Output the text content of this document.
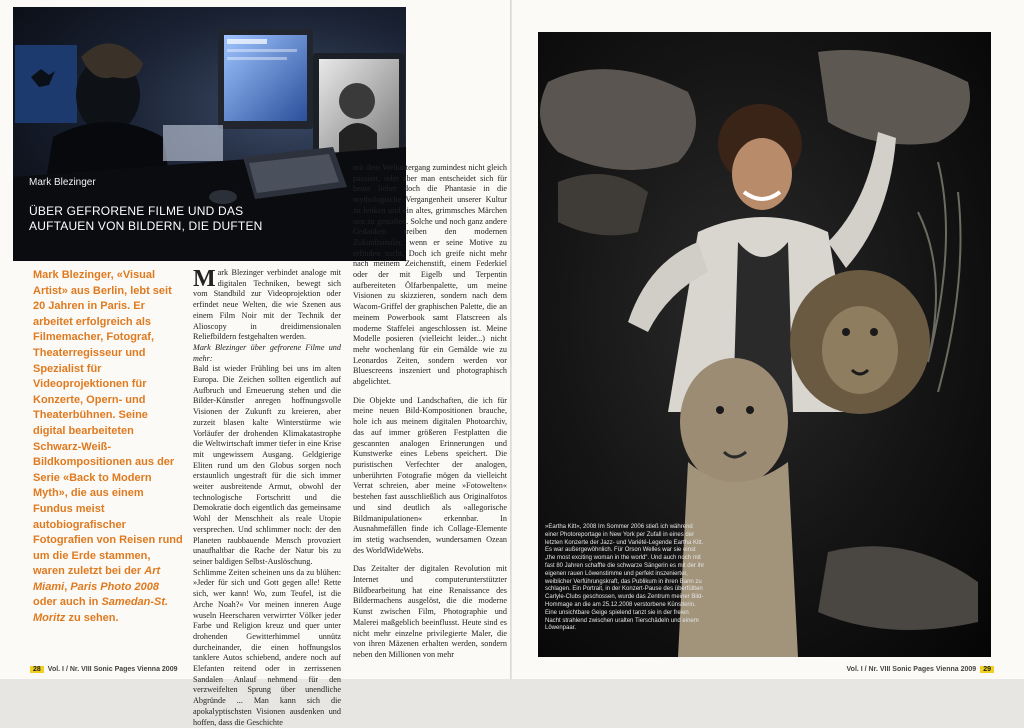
Mark Blezinger
ÜBER GEFRORENE FILME UND DAS AUFTAUEN VON BILDERN, DIE DUFTEN
Mark Blezinger, «Visual Artist» aus Berlin, lebt seit 20 Jahren in Paris. Er arbeitet erfolgreich als Filmemacher, Fotograf, Theaterregisseur und Spezialist für Videoprojektionen für Konzerte, Opern- und Theaterbühnen. Seine digital bearbeiteten Schwarz-Weiß-Bildkompositionen aus der Serie «Back to Modern Myth», die aus einem Fundus meist autobiografischer Fotografien von Reisen rund um die Erde stammen, waren zuletzt bei der Art Miami, Paris Photo 2008 oder auch in Samedan-St. Moritz zu sehen.

Mark Blezinger verbindet analoge mit digitalen Techniken, bewegt sich vom Standbild zur Videoprojektion oder erfindet neue Welten, die wie Szenen aus einem Film Noir mit der Technik der Alioscopy in dreidimensionalen Reliefbildern festgehalten werden.

Mark Blezinger über gefrorene Filme und mehr:

Bald ist wieder Frühling bei uns im alten Europa. Die Zeichen sollten eigentlich auf Aufbruch und Erneuerung stehen und die Bilder-Künstler anregen hoffnungsvolle Visionen der Zukunft zu kreieren, aber zurzeit blasen kalte Winterstürme wie Vorläufer der drohenden Klimakatastrophe die Weltwirtschaft immer tiefer in eine Krise mit ungewissem Ausgang. Geldgierige Eliten rund um den Globus sorgen noch erstaunlich ungestraft für die sich immer weiter ausbreitende Armut, obwohl der technologische Fortschritt und die Demokratie doch eigentlich das gemeinsame Wohl der Menschheit als reale Utopie versprechen. Und schlimmer noch: der den Planeten raubbauende Mensch provoziert unaufhaltbar die Rache der Natur bis zu seiner baldigen Selbst-Auslöschung.

Schlimme Zeiten scheinen uns da zu blühen: »Jeder für sich und Gott gegen alle! Rette sich, wer kann! Wo, zum Teufel, ist die Arche Noah?« Vor meinen inneren Auge wuseln Heerscharen verwirrter Völker jeder Farbe und Religion kreuz und quer unter drohenden Gewitterhimmel unnütz durcheinander, die einen hoffnungslos tanklere Autos schiebend, andere noch auf Elefanten reitend oder in zerrissenen Sandalen Anlauf nehmend für den verzweifelten Sprung über unendliche Abgründe ... Man kann sich die apokalyptischsten Visionen ausdenken und hoffen, dass die Geschichte

mit dem Weltuntergang zumindest nicht gleich passiert, oder aber man entscheidet sich für heute lieber doch die Phantasie in die mythologische Vergangenheit unserer Kultur zu lenken und ein altes, grimmsches Märchen neu zu gestalten. Solche und noch ganz andere Gedanken treiben den modernen Zukunftsmaler, wenn er seine Motive zu erfinden sucht. Doch ich greife nicht mehr nach meinem Zeichenstift, einem Federkiel oder der mit Eigelb und Terpentin aufbereiteten Ölfarbenpalette, um meine Visionen zu skizzieren, sondern nach dem Wacom-Griffel der graphischen Palette, die an meinem Powerbook samt Flatscreen als moderne Staffelei angeschlossen ist. Meine Modelle posieren (vielleicht leider...) nicht mehr wochenlang für ein Gemälde wie zu Leonardos Zeiten, sondern werden vor Bluescreens inszeniert und photographisch abgelichtet.

Die Objekte und Landschaften, die ich für meine neuen Bild-Kompositionen brauche, hole ich aus meinem digitalen Photoarchiv, das auf immer größeren Festplatten die gescannten analogen Erinnerungen und Kunstwerke eines Lebens speichert. Die puristischen Verfechter der analogen, unberührten Fotografie mögen da vielleicht Verrat schreien, aber meine »Fotowelten« bestehen fast ausschließlich aus Originalfotos und sind deutlich als »allegorische Bildmanipulationen« erkennbar. In Ausnahmefällen finde ich Collage-Elemente im stetig wachsenden, wundersamen Ozean des WorldWideWebs.

Das Zeitalter der digitalen Revolution mit Internet und computerunterstützter Bildbearbeitung hat eine Renaissance des Bildermachens ausgelöst, die die moderne Kunst zwischen Film, Photographie und Malerei maßgeblich beeinflusst. Heute sind es nicht mehr einzelne privilegierte Maler, die von ihren Mäzenen erhalten werden, sondern neben den Millionen von mehr

28 Vol. I / Nr. VIII Sonic Pages Vienna 2009
»Eartha Kitt«, 2008 Im Sommer 2006 stieß ich während einer Photoreportage in New York per Zufall in eines der letzten Konzerte der Jazz- und Variété-Legende Eartha Kitt. Es war außergewöhnlich. Für Orson Welles war sie einst „the most exciting woman in the world“. Und auch noch mit fast 80 Jahren schaffte die schwarze Sängerin es mit der ihr eigenen rauen Löwenstimme und perfekt inszenierter, weiblicher Verführungskraft, das Publikum in ihren Bann zu schlagen. Ein Portrait, in der Konzert-Pause des überfüllten Carlyle-Clubs geschossen, wurde das Zentrum meiner Bild-Hommage an die am 25.12.2008 verstorbene Künstlerin. Eine unsichtbare Geige spielend tanzt sie in der freien Nacht strahlend zwischen uralten Tierschädeln und einem Löwenpaar.
Vol. I / Nr. VIII Sonic Pages Vienna 2009 29
